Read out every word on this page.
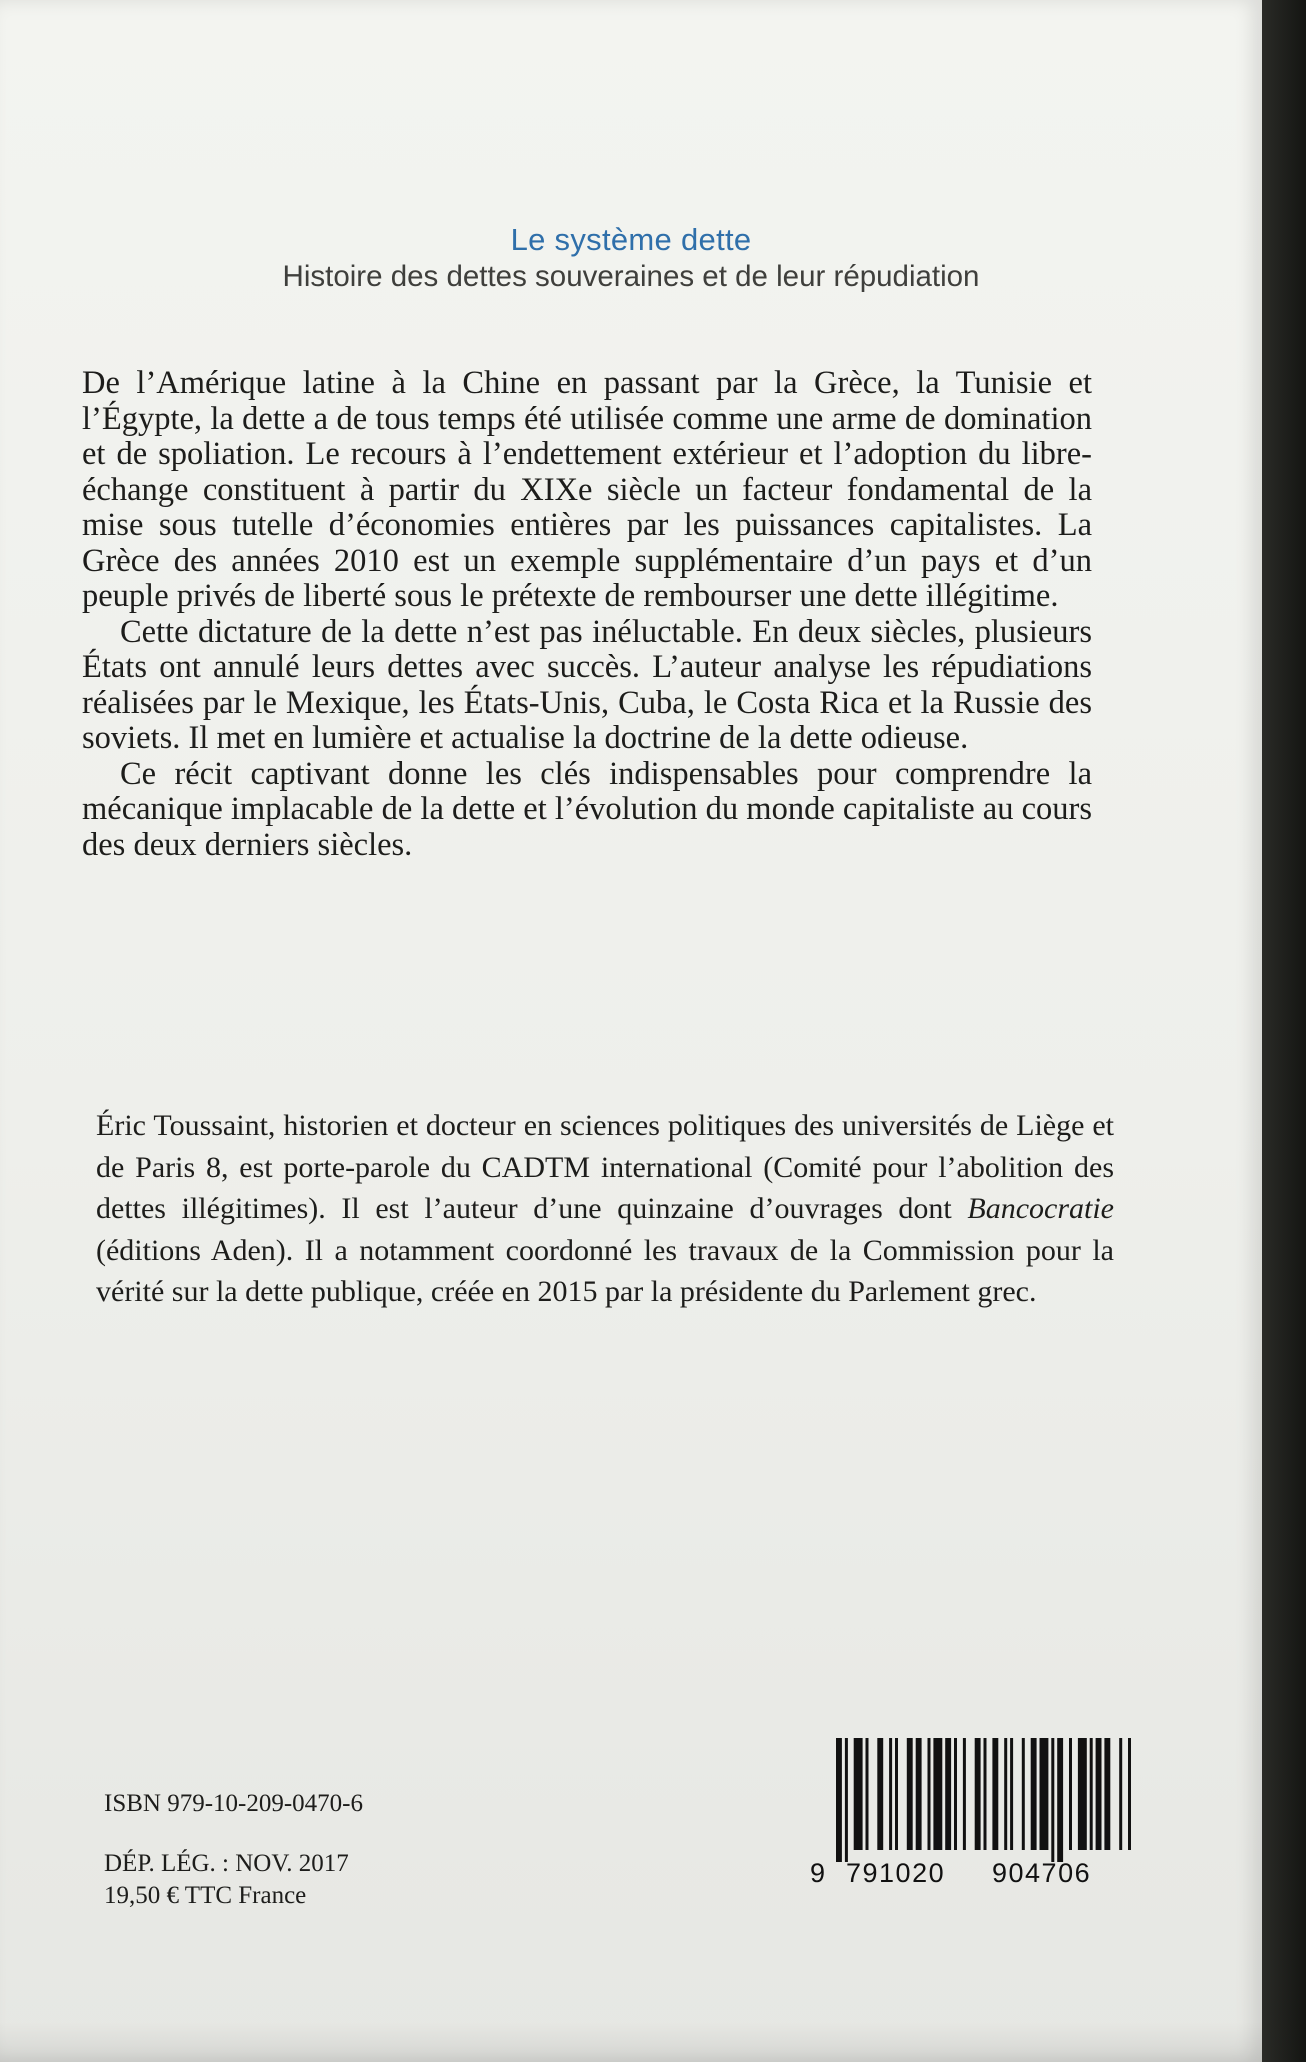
Le système dette
Histoire des dettes souveraines et de leur répudiation

De l’Amérique latine à la Chine en passant par la Grèce, la Tunisie et l’Égypte, la dette a de tous temps été utilisée comme une arme de domination et de spoliation. Le recours à l’endettement extérieur et l’adoption du libre-échange constituent à partir du XIXe siècle un facteur fondamental de la mise sous tutelle d’économies entières par les puissances capitalistes. La Grèce des années 2010 est un exemple supplémentaire d’un pays et d’un peuple privés de liberté sous le prétexte de rembourser une dette illégitime.

Cette dictature de la dette n’est pas inéluctable. En deux siècles, plusieurs États ont annulé leurs dettes avec succès. L’auteur analyse les répudiations réalisées par le Mexique, les États-Unis, Cuba, le Costa Rica et la Russie des soviets. Il met en lumière et actualise la doctrine de la dette odieuse.

Ce récit captivant donne les clés indispensables pour comprendre la mécanique implacable de la dette et l’évolution du monde capitaliste au cours des deux derniers siècles.

Éric Toussaint, historien et docteur en sciences politiques des universités de Liège et de Paris 8, est porte-parole du CADTM international (Comité pour l’abolition des dettes illégitimes). Il est l’auteur d’une quinzaine d’ouvrages dont Bancocratie (éditions Aden). Il a notamment coordonné les travaux de la Commission pour la vérité sur la dette publique, créée en 2015 par la présidente du Parlement grec.

ISBN 979-10-209-0470-6
DÉP. LÉG. : NOV. 2017
19,50 € TTC France
9 791020 904706
